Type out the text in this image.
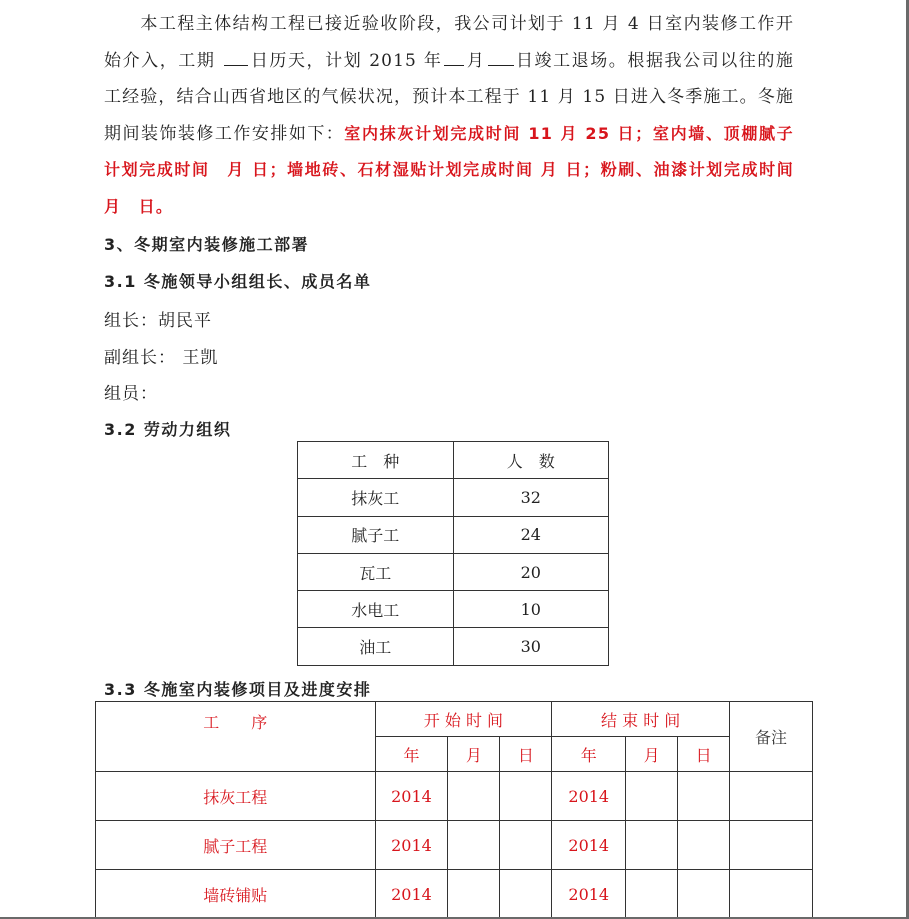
本工程主体结构工程已接近验收阶段，我公司计划于 11 月 4 日室内装修工作开始介入，工期 日历天，计划 2015 年 月 日竣工退场。根据我公司以往的施工经验，结合山西省地区的气候状况，预计本工程于 11 月 15 日进入冬季施工。冬施期间装饰装修工作安排如下：室内抹灰计划完成时间 11 月 25 日；室内墙、顶棚腻子计划完成时间　月 日；墙地砖、石材湿贴计划完成时间 月 日；粉刷、油漆计划完成时间　月　日。
3、冬期室内装修施工部署
3.1 冬施领导小组组长、成员名单
组长：胡民平
副组长： 王凯
组员：
3.2 劳动力组织
工　种	人　数
抹灰工	32
腻子工	24
瓦工	20
水电工	10
油工	30
3.3 冬施室内装修项目及进度安排
工　　序	开 始 时 间			结 束 时 间			备注
	年	月	日	年	月	日	
抹灰工程	2014			2014			
腻子工程	2014			2014			
墙砖铺贴	2014			2014			
